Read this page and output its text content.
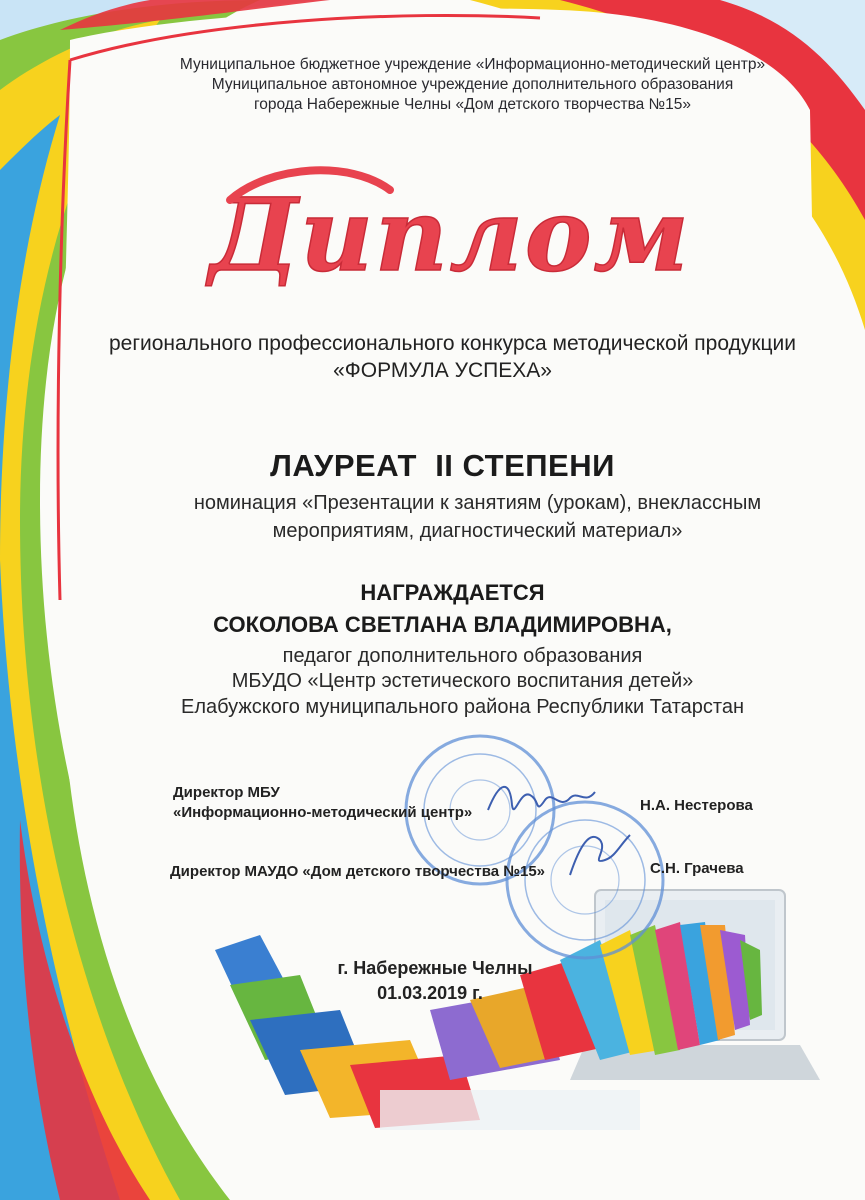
Муниципальное бюджетное учреждение «Информационно-методический центр»
Муниципальное автономное учреждение дополнительного образования
города Набережные Челны «Дом детского творчества №15»
Диплом
регионального профессионального конкурса методической продукции
«ФОРМУЛА УСПЕХА»
ЛАУРЕАТ  II СТЕПЕНИ
номинация «Презентации к занятиям (урокам), внеклассным
мероприятиям, диагностический материал»
НАГРАЖДАЕТСЯ
СОКОЛОВА СВЕТЛАНА ВЛАДИМИРОВНА,
педагог дополнительного образования
МБУДО «Центр эстетического воспитания детей»
Елабужского муниципального района Республики Татарстан
Директор МБУ
«Информационно-методический центр»	Н.А. Нестерова
Директор МАУДО «Дом детского творчества №15»	С.Н. Грачева
г. Набережные Челны
01.03.2019 г.
